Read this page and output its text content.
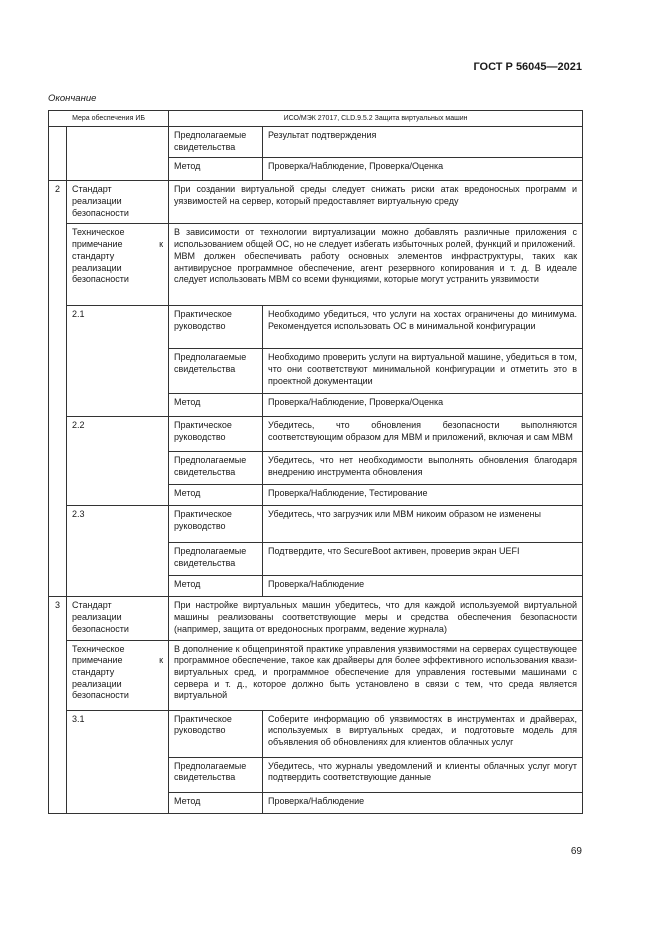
ГОСТ Р 56045—2021
Окончание
Мера обеспечения ИБ		ИСО/МЭК 27017, CLD.9.5.2 Защита виртуальных машин	
		Предполагаемые свидетельства	Результат подтверждения
		Метод	Проверка/Наблюдение, Проверка/Оценка
2	Стандарт реализации безопасности	При создании виртуальной среды следует снижать риски атак вредоносных программ и уязвимостей на сервер, который предоставляет виртуальную среду	
	Техническое примечание к стандарту реализации безопасности	В зависимости от технологии виртуализации можно добавлять различные приложения с использованием общей ОС, но не следует избегать избыточных ролей, функций и приложений.

МВМ должен обеспечивать работу основных элементов инфраструктуры, таких как антивирусное программное обеспечение, агент резервного копирования и т. д. В идеале следует использовать МВМ со всеми функциями, которые могут устранить уязвимости	

	2.1	Практическое руководство	Необходимо убедиться, что услуги на хостах ограничены до минимума. Рекомендуется использовать ОС в минимальной конфигурации
		Предполагаемые свидетельства	Необходимо проверить услуги на виртуальной машине, убедиться в том, что они соответствуют минимальной конфигурации и отметить это в проектной документации
		Метод	Проверка/Наблюдение, Проверка/Оценка
	2.2	Практическое руководство	Убедитесь, что обновления безопасности выполняются соответствующим образом для МВМ и приложений, включая и сам МВМ
		Предполагаемые свидетельства	Убедитесь, что нет необходимости выполнять обновления благодаря внедрению инструмента обновления
		Метод	Проверка/Наблюдение, Тестирование
	2.3	Практическое руководство	Убедитесь, что загрузчик или МВМ никоим образом не изменены
		Предполагаемые свидетельства	Подтвердите, что SecureBoot активен, проверив экран UEFI
		Метод	Проверка/Наблюдение
3	Стандарт реализации безопасности	При настройке виртуальных машин убедитесь, что для каждой используемой виртуальной машины реализованы соответствующие меры и средства обеспечения безопасности (например, защита от вредоносных программ, ведение журнала)	
	Техническое примечание к стандарту реализации безопасности	В дополнение к общепринятой практике управления уязвимостями на серверах существующее программное обеспечение, такое как драйверы для более эффективного использования квази-виртуальных сред, и программное обеспечение для управления гостевыми машинами с сервера и т. д., которое должно быть установлено в связи с тем, что среда является виртуальной	
	3.1	Практическое руководство	Соберите информацию об уязвимостях в инструментах и драйверах, используемых в виртуальных средах, и подготовьте модель для объявления об обновлениях для клиентов облачных услуг
		Предполагаемые свидетельства	Убедитесь, что журналы уведомлений и клиенты облачных услуг могут подтвердить соответствующие данные
		Метод	Проверка/Наблюдение
69
